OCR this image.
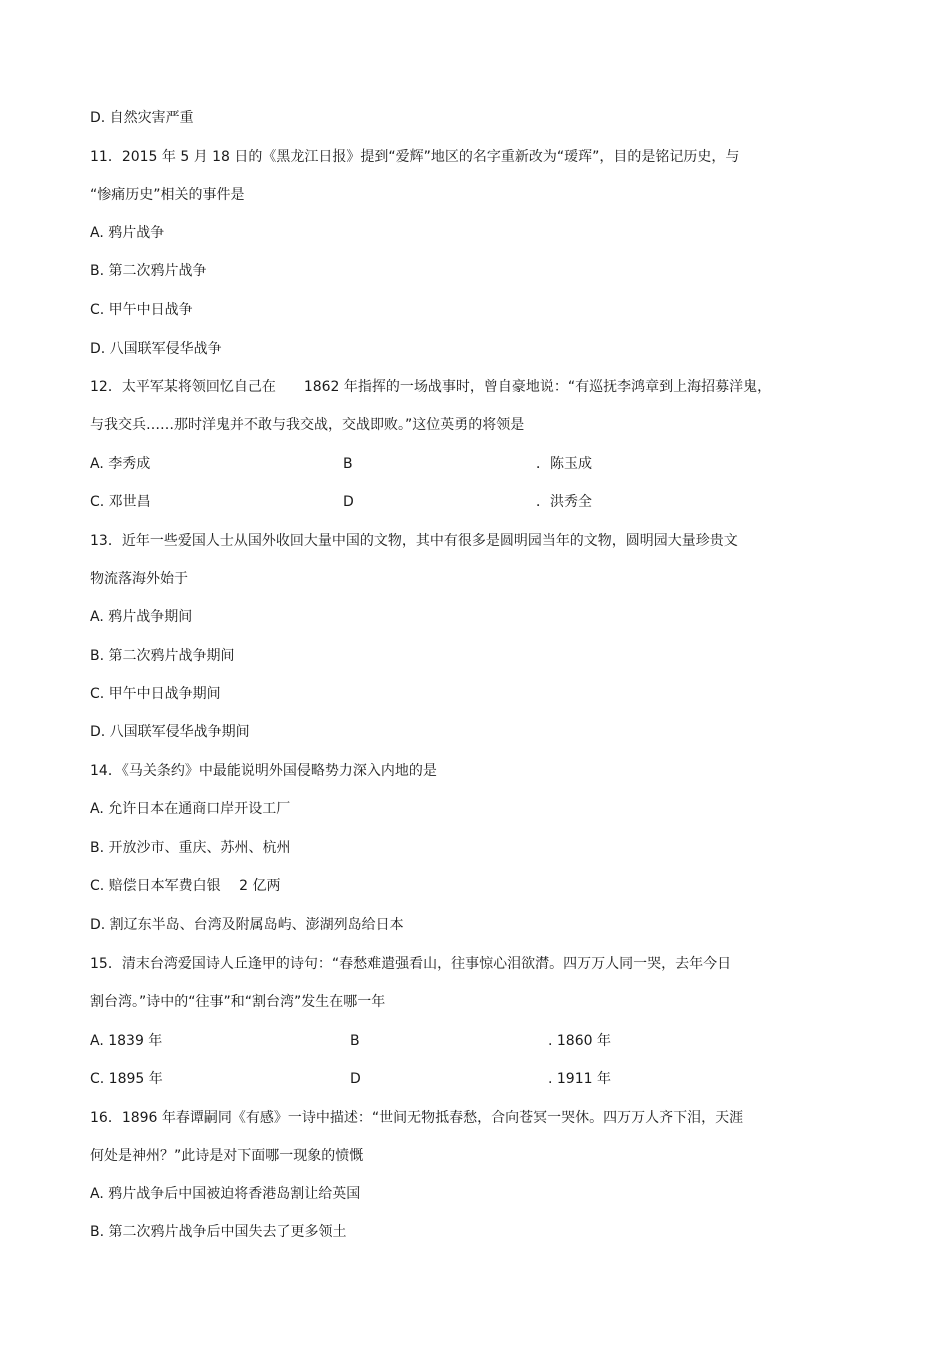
D. 自然灾害严重
11．2015 年 5 月 18 日的《黑龙江日报》提到“爱辉”地区的名字重新改为“瑷珲”，目的是铭记历史，与
“惨痛历史”相关的事件是
A. 鸦片战争
B. 第二次鸦片战争
C. 甲午中日战争
D. 八国联军侵华战争
12．太平军某将领回忆自己在　　1862 年指挥的一场战事时，曾自豪地说：“有巡抚李鸿章到上海招募洋鬼，
与我交兵……那时洋鬼并不敢与我交战，交战即败。”这位英勇的将领是
A. 李秀成	B	．陈玉成
C. 邓世昌	D	．洪秀全
13．近年一些爱国人士从国外收回大量中国的文物，其中有很多是圆明园当年的文物，圆明园大量珍贵文
物流落海外始于
A. 鸦片战争期间
B. 第二次鸦片战争期间
C. 甲午中日战争期间
D. 八国联军侵华战争期间
14．《马关条约》中最能说明外国侵略势力深入内地的是
A. 允许日本在通商口岸开设工厂
B. 开放沙市、重庆、苏州、杭州
C. 赔偿日本军费白银　 2 亿两
D. 割辽东半岛、台湾及附属岛屿、澎湖列岛给日本
15．清末台湾爱国诗人丘逢甲的诗句：“春愁难遣强看山，往事惊心泪欲潸。四万万人同一哭，去年今日
割台湾。”诗中的“往事”和“割台湾”发生在哪一年
A. 1839 年	B	. 1860 年
C. 1895 年	D	. 1911 年
16．1896 年春谭嗣同《有感》一诗中描述：“世间无物抵春愁，合向苍冥一哭休。四万万人齐下泪，天涯
何处是神州？”此诗是对下面哪一现象的愤慨
A. 鸦片战争后中国被迫将香港岛割让给英国
B. 第二次鸦片战争后中国失去了更多领土
